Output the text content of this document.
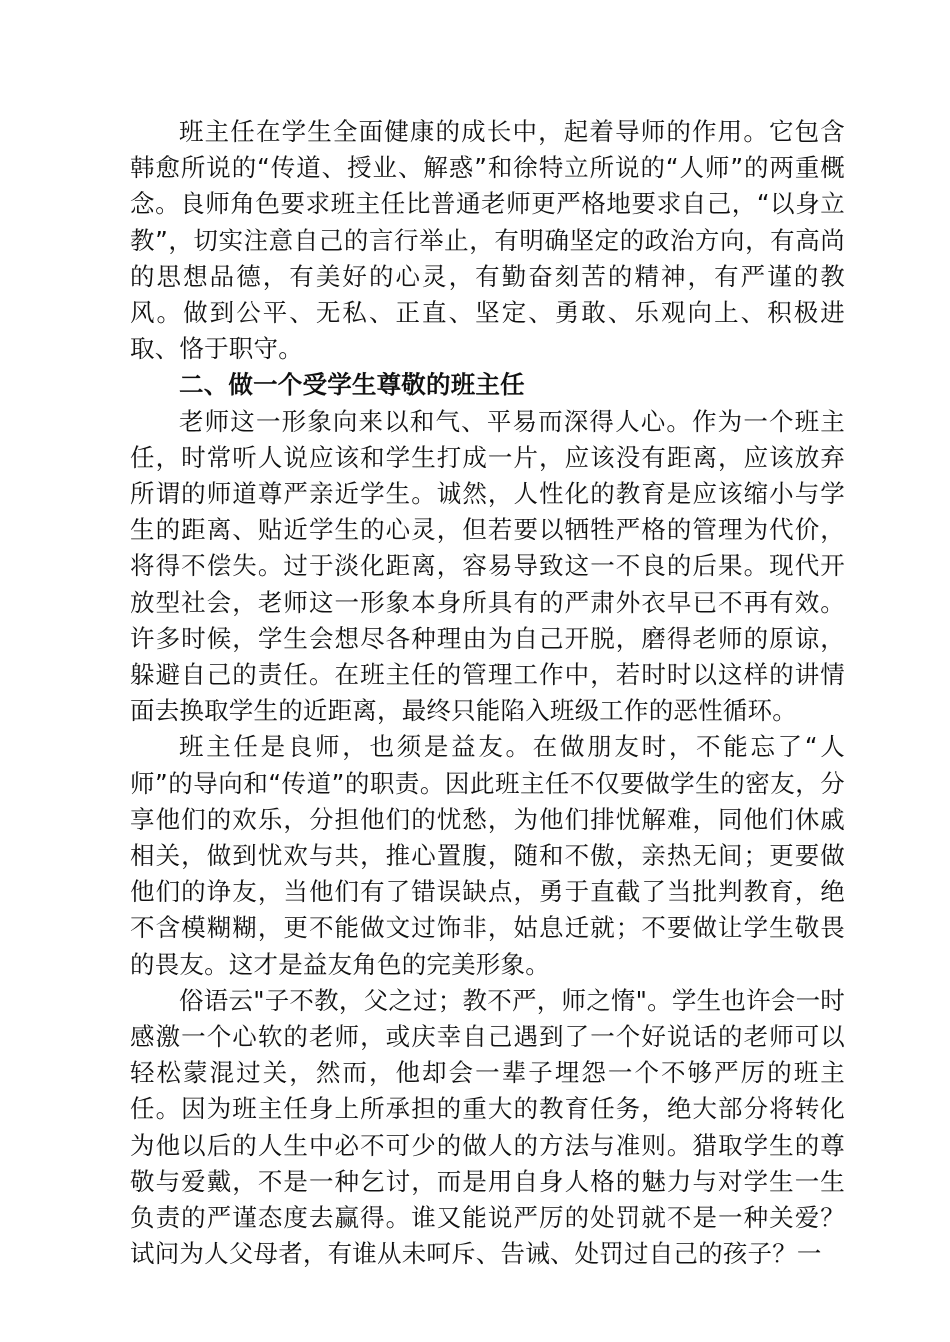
班主任在学生全面健康的成长中，起着导师的作用。它包含韩愈所说的“传道、授业、解惑”和徐特立所说的“人师”的两重概念。良师角色要求班主任比普通老师更严格地要求自己，“以身立教”，切实注意自己的言行举止，有明确坚定的政治方向，有高尚的思想品德，有美好的心灵，有勤奋刻苦的精神，有严谨的教风。做到公平、无私、正直、坚定、勇敢、乐观向上、积极进取、恪于职守。

二、做一个受学生尊敬的班主任

老师这一形象向来以和气、平易而深得人心。作为一个班主任，时常听人说应该和学生打成一片，应该没有距离，应该放弃所谓的师道尊严亲近学生。诚然，人性化的教育是应该缩小与学生的距离、贴近学生的心灵，但若要以牺牲严格的管理为代价，将得不偿失。过于淡化距离，容易导致这一不良的后果。现代开放型社会，老师这一形象本身所具有的严肃外衣早已不再有效。许多时候，学生会想尽各种理由为自己开脱，磨得老师的原谅，躲避自己的责任。在班主任的管理工作中，若时时以这样的讲情面去换取学生的近距离，最终只能陷入班级工作的恶性循环。

班主任是良师，也须是益友。在做朋友时，不能忘了“人师”的导向和“传道”的职责。因此班主任不仅要做学生的密友，分享他们的欢乐，分担他们的忧愁，为他们排忧解难，同他们休戚相关，做到忧欢与共，推心置腹，随和不傲，亲热无间；更要做他们的诤友，当他们有了错误缺点，勇于直截了当批判教育，绝不含模糊糊，更不能做文过饰非，姑息迁就；不要做让学生敬畏的畏友。这才是益友角色的完美形象。

俗语云"子不教，父之过；教不严，师之惰"。学生也许会一时感激一个心软的老师，或庆幸自己遇到了一个好说话的老师可以轻松蒙混过关，然而，他却会一辈子埋怨一个不够严厉的班主任。因为班主任身上所承担的重大的教育任务，绝大部分将转化为他以后的人生中必不可少的做人的方法与准则。猎取学生的尊敬与爱戴，不是一种乞讨，而是用自身人格的魅力与对学生一生负责的严谨态度去赢得。谁又能说严厉的处罚就不是一种关爱？试问为人父母者，有谁从未呵斥、告诫、处罚过自己的孩子？一
